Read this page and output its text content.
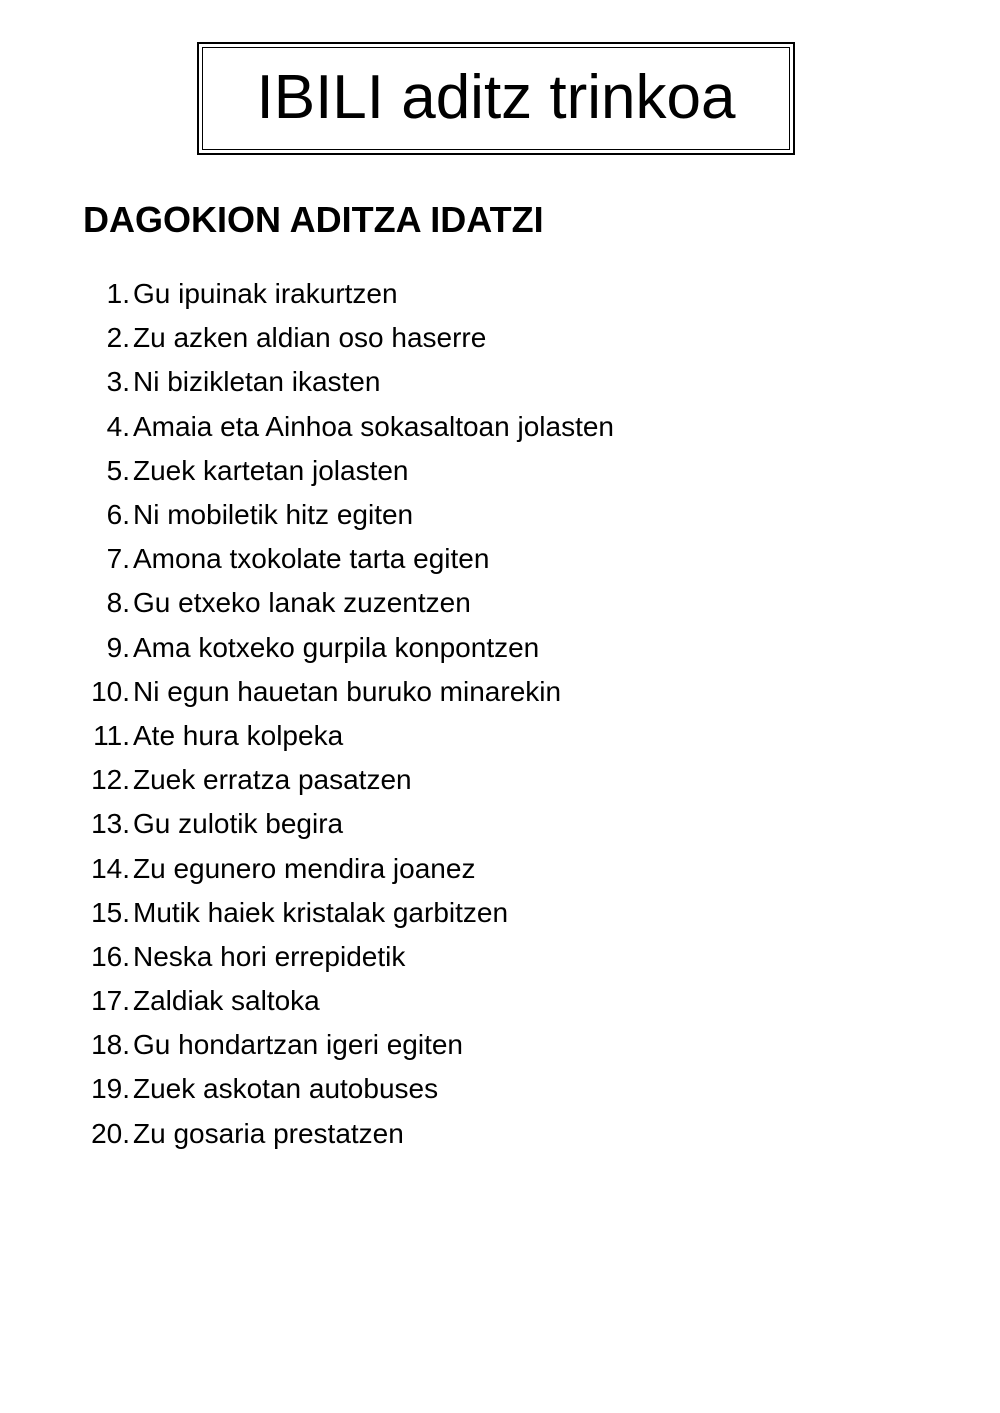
IBILI aditz trinkoa
DAGOKION ADITZA IDATZI
1. Gu ipuinak irakurtzen
2. Zu azken aldian oso haserre
3. Ni bizikletan ikasten
4. Amaia eta Ainhoa sokasaltoan jolasten
5. Zuek kartetan jolasten
6. Ni mobiletik hitz egiten
7. Amona txokolate tarta egiten
8. Gu etxeko lanak zuzentzen
9. Ama kotxeko gurpila konpontzen
10. Ni egun hauetan buruko minarekin
11. Ate hura kolpeka
12. Zuek erratza pasatzen
13. Gu zulotik begira
14. Zu egunero mendira joanez
15. Mutik haiek kristalak garbitzen
16. Neska hori errepidetik
17. Zaldiak saltoka
18. Gu hondartzan igeri egiten
19. Zuek askotan autobuses
20. Zu gosaria prestatzen
